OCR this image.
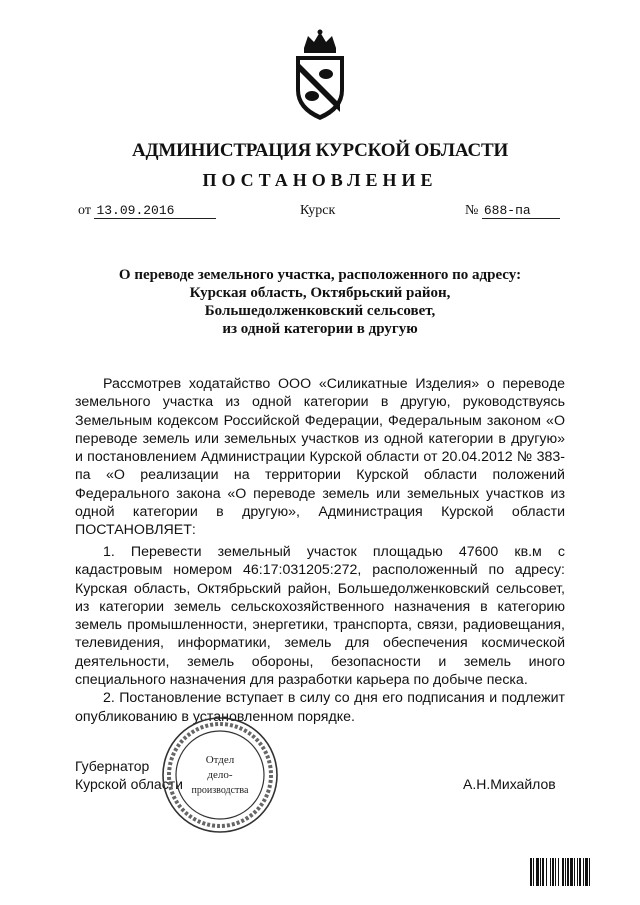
АДМИНИСТРАЦИЯ КУРСКОЙ ОБЛАСТИ
ПОСТАНОВЛЕНИЕ
от 13.09.2016	Курск	№ 688-па
О переводе земельного участка, расположенного по адресу:
Курская область, Октябрьский район,
Большедолженковский сельсовет,
из одной категории в другую

Рассмотрев ходатайство ООО «Силикатные Изделия» о переводе земельного участка из одной категории в другую, руководствуясь Земельным кодексом Российской Федерации, Федеральным законом «О переводе земель или земельных участков из одной категории в другую» и постановлением Администрации Курской области от 20.04.2012 № 383-па «О реализации на территории Курской области положений Федерального закона «О переводе земель или земельных участков из одной категории в другую», Администрация Курской области ПОСТАНОВЛЯЕТ:

1. Перевести земельный участок площадью 47600 кв.м с кадастровым номером 46:17:031205:272, расположенный по адресу: Курская область, Октябрьский район, Большедолженковский сельсовет, из категории земель сельскохозяйственного назначения в категорию земель промышленности, энергетики, транспорта, связи, радиовещания, телевидения, информатики, земель для обеспечения космической деятельности, земель обороны, безопасности и земель иного специального назначения для разработки карьера по добыче песка.

2. Постановление вступает в силу со дня его подписания и подлежит опубликованию в установленном порядке.

Губернатор
Курской области	А.Н.Михайлов
Отдел
дело-
производства
